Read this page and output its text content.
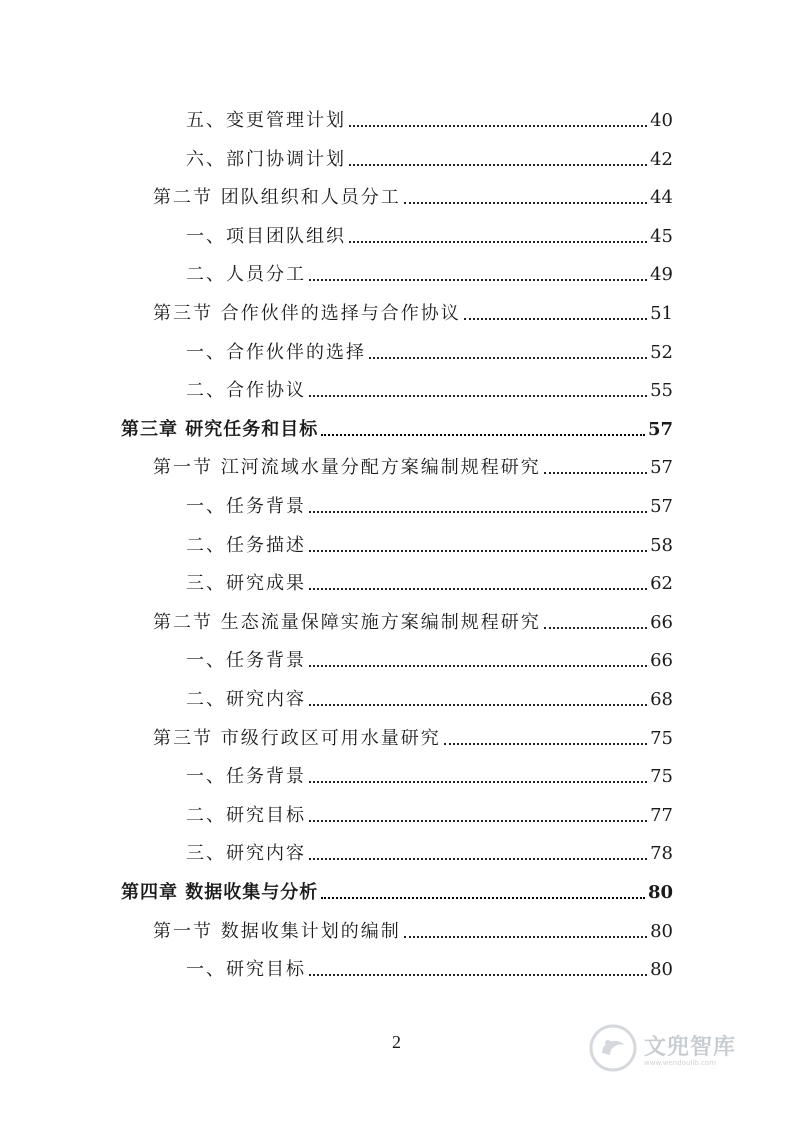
五、变更管理计划	40
六、部门协调计划	42
第二节 团队组织和人员分工	44
一、项目团队组织	45
二、人员分工	49
第三节 合作伙伴的选择与合作协议	51
一、合作伙伴的选择	52
二、合作协议	55
第三章 研究任务和目标	57
第一节 江河流域水量分配方案编制规程研究	57
一、任务背景	57
二、任务描述	58
三、研究成果	62
第二节 生态流量保障实施方案编制规程研究	66
一、任务背景	66
二、研究内容	68
第三节 市级行政区可用水量研究	75
一、任务背景	75
二、研究目标	77
三、研究内容	78
第四章 数据收集与分析	80
第一节 数据收集计划的编制	80
一、研究目标	80
2	文兜智库
www.wendoulib.com
